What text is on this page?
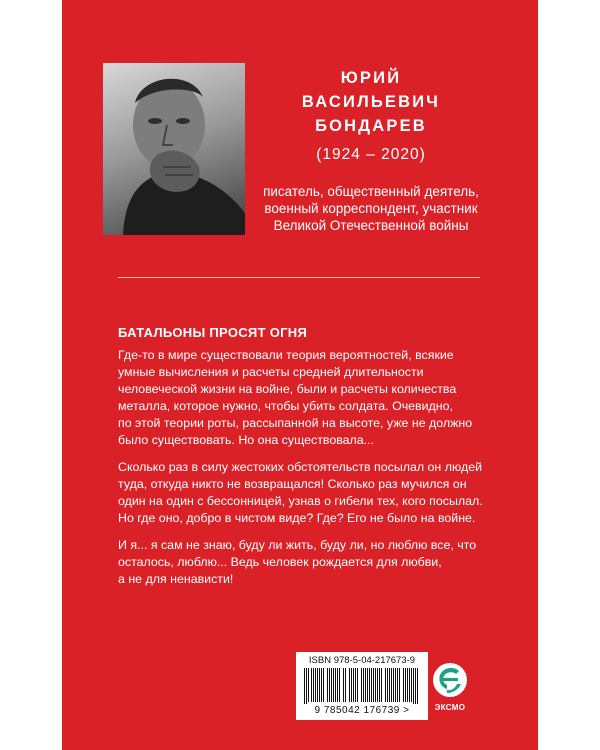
ЮРИЙ
ВАСИЛЬЕВИЧ
БОНДАРЕВ
(1924 – 2020)
писатель, общественный деятель,
военный корреспондент, участник
Великой Отечественной войны
БАТАЛЬОНЫ ПРОСЯТ ОГНЯ
Где-то в мире существовали теория вероятностей, всякие
умные вычисления и расчеты средней длительности
человеческой жизни на войне, были и расчеты количества
металла, которое нужно, чтобы убить солдата. Очевидно,
по этой теории роты, рассыпанной на высоте, уже не должно
было существовать. Но она существовала...
Сколько раз в силу жестоких обстоятельств посылал он людей
туда, откуда никто не возвращался! Сколько раз мучился он
один на один с бессонницей, узнав о гибели тех, кого посылал.
Но где оно, добро в чистом виде? Где? Его не было на войне.
И я... я сам не знаю, буду ли жить, буду ли, но люблю все, что
осталось, люблю... Ведь человек рождается для любви,
а не для ненависти!
ISBN 978-5-04-217673-9
9 785042 176739 >	ЭКСМО
